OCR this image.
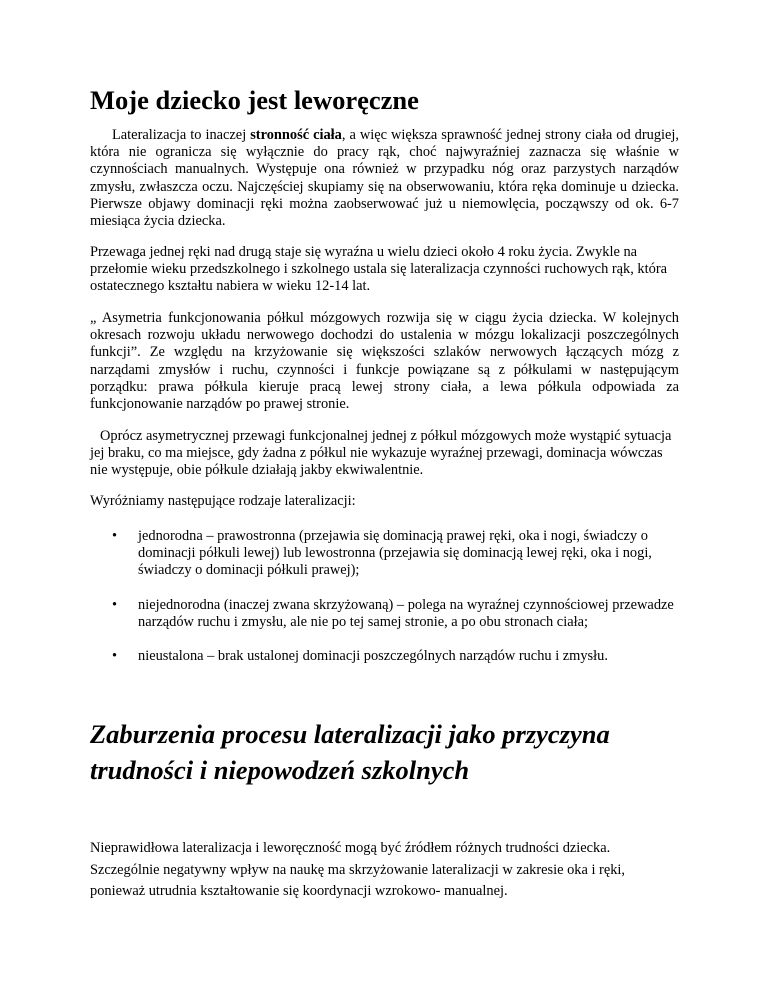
Moje dziecko jest leworęczne

Lateralizacja to inaczej stronność ciała, a więc większa sprawność jednej strony ciała od drugiej, która nie ogranicza się wyłącznie do pracy rąk, choć najwyraźniej zaznacza się właśnie w czynnościach manualnych. Występuje ona również w przypadku nóg oraz parzystych narządów zmysłu, zwłaszcza oczu. Najczęściej skupiamy się na obserwowaniu, która ręka dominuje u dziecka. Pierwsze objawy dominacji ręki można zaobserwować już u niemowlęcia, począwszy od ok. 6-7 miesiąca życia dziecka.

Przewaga jednej ręki nad drugą staje się wyraźna u wielu dzieci około 4 roku życia. Zwykle na przełomie wieku przedszkolnego i szkolnego ustala się lateralizacja czynności ruchowych rąk, która ostatecznego kształtu nabiera w wieku 12-14 lat.

„ Asymetria funkcjonowania półkul mózgowych rozwija się w ciągu życia dziecka. W kolejnych okresach rozwoju układu nerwowego dochodzi do ustalenia w mózgu lokalizacji poszczególnych funkcji”. Ze względu na krzyżowanie się większości szlaków nerwowych łączących mózg z narządami zmysłów i ruchu, czynności i funkcje powiązane są z półkulami w następującym porządku: prawa półkula kieruje pracą lewej strony ciała, a lewa półkula odpowiada za funkcjonowanie narządów po prawej stronie.

Oprócz asymetrycznej przewagi funkcjonalnej jednej z półkul mózgowych może wystąpić sytuacja jej braku, co ma miejsce, gdy żadna z półkul nie wykazuje wyraźnej przewagi, dominacja wówczas nie występuje, obie półkule działają jakby ekwiwalentnie.

Wyróżniamy następujące rodzaje lateralizacji:

• jednorodna – prawostronna (przejawia się dominacją prawej ręki, oka i nogi, świadczy o dominacji półkuli lewej) lub lewostronna (przejawia się dominacją lewej ręki, oka i nogi, świadczy o dominacji półkuli prawej);
• niejednorodna (inaczej zwana skrzyżowaną) – polega na wyraźnej czynnościowej przewadze narządów ruchu i zmysłu, ale nie po tej samej stronie, a po obu stronach ciała;
• nieustalona – brak ustalonej dominacji poszczególnych narządów ruchu i zmysłu.
Zaburzenia procesu lateralizacji jako przyczyna trudności i niepowodzeń szkolnych

Nieprawidłowa lateralizacja i leworęczność mogą być źródłem różnych trudności dziecka. Szczególnie negatywny wpływ na naukę ma skrzyżowanie lateralizacji w zakresie oka i ręki, ponieważ utrudnia kształtowanie się koordynacji wzrokowo- manualnej.
